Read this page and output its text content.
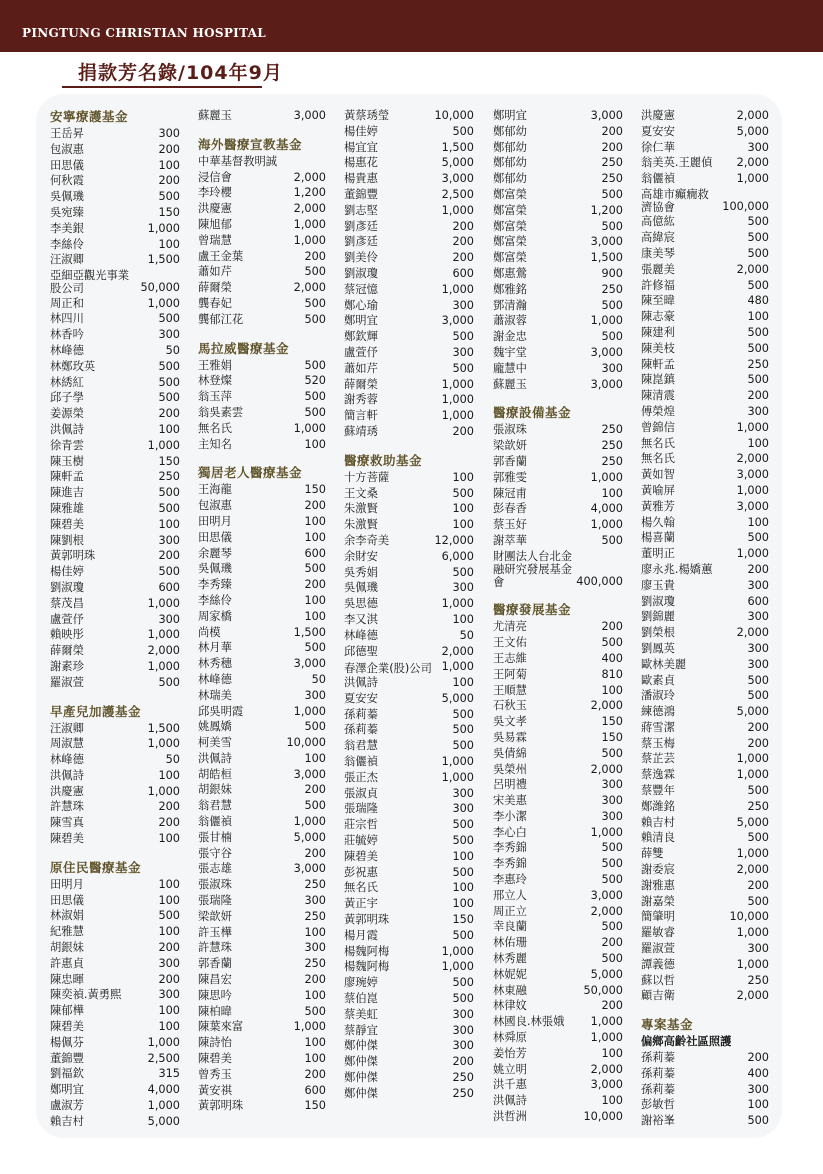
PINGTUNG CHRISTIAN HOSPITAL
捐款芳名錄/104年9月
安寧療護基金
王岳昇	300
包淑惠	200
田思儀	100
何秋霞	200
吳佩璣	500
吳宛臻	150
李美銀	1,000
李絲伶	100
汪淑卿	1,500
亞細亞觀光事業股公司	50,000
周正和	1,000
林四川	500
林香吟	300
林峰德	50
林鄭玫英	500
林綉紅	500
邱子學	500
姜源榮	200
洪佩詩	100
徐青雲	1,000
陳玉樹	150
陳軒孟	250
陳進吉	500
陳雅雄	500
陳碧美	100
陳劉根	300
黃郭明珠	200
楊佳婷	500
劉淑瓊	600
蔡茂昌	1,000
盧萱伃	300
賴映彤	1,000
薛爾榮	2,000
謝素珍	1,000
羅淑萱	500
早產兒加護基金
汪淑卿	1,500
周淑慧	1,000
林峰德	50
洪佩詩	100
洪慶憲	1,000
許慧珠	200
陳雪真	200
陳碧美	100
原住民醫療基金
田明月	100
田思儀	100
林淑娟	500
紀雅慧	100
胡銀妹	200
許惠貞	300
陳忠暉	200
陳奕禎.黃勇熙	300
陳郁樺	100
陳碧美	100
楊佩芬	1,000
董錦豐	2,500
劉福欽	315
鄭明宜	4,000
盧淑芳	1,000
賴吉村	5,000
蘇麗玉	3,000
海外醫療宣教基金
中華基督教明誠
浸信會	2,000
李玲櫻	1,200
洪慶憲	2,000
陳旭郁	1,000
曾瑞慧	1,000
盧王金葉	200
蕭如芹	500
薛爾榮	2,000
龔春妃	500
龔郁江花	500
馬拉威醫療基金
王雅娟	500
林登燦	520
翁玉萍	500
翁吳素雲	500
無名氏	1,000
主知名	100
獨居老人醫療基金
王海龍	150
包淑惠	200
田明月	100
田思儀	100
余麗琴	600
吳佩璣	500
李秀臻	200
李絲伶	100
周家橋	100
尚模	1,500
林月華	500
林秀穗	3,000
林峰德	50
林瑞美	300
邱吳明霞	1,000
姚鳳嬌	500
柯美雪	10,000
洪佩詩	100
胡皓桓	3,000
胡銀妹	200
翁君慧	500
翁儷禎	1,000
張甘楠	5,000
張守谷	200
張志雄	3,000
張淑珠	250
張瑞隆	300
梁歆妍	250
許玉樺	100
許慧珠	300
郭香蘭	250
陳昌宏	200
陳思吟	100
陳柏暐	500
陳葉來富	1,000
陳詩怡	100
陳碧美	100
曾秀玉	200
黃安祺	600
黃郭明珠	150
黃蔡琇瑩	10,000
楊佳婷	500
楊宜宜	1,500
楊惠花	5,000
楊貴惠	3,000
董錦豐	2,500
劉志堅	1,000
劉彥廷	200
劉彥廷	200
劉美伶	200
劉淑瓊	600
蔡冠憶	1,000
鄭心瑜	300
鄭明宜	3,000
鄭欽輝	500
盧萱伃	300
蕭如芹	500
薛爾榮	1,000
謝秀蓉	1,000
簡言軒	1,000
蘇靖琇	200
醫療救助基金
十方菩薩	100
王文桑	500
朱激賢	100
朱激賢	100
余李奇美	12,000
余財安	6,000
吳秀娟	500
吳佩璣	300
吳思德	1,000
李又淇	100
林峰德	50
邱德聖	2,000
春澤企業(股)公司 1,000
洪佩詩	100
夏安安	5,000
孫莉蓁	500
孫莉蓁	500
翁君慧	500
翁儷禎	1,000
張正杰	1,000
張淑貞	300
張瑞隆	300
莊宗哲	500
莊毓婷	500
陳碧美	100
彭祝惠	500
無名氏	100
黃正宇	100
黃郭明珠	150
楊月霞	500
楊魏阿梅	1,000
楊魏阿梅	1,000
廖琬婷	500
蔡伯崑	500
蔡美虹	300
蔡靜宜	300
鄭仲傑	300
鄭仲傑	200
鄭仲傑	250
鄭仲傑	250
鄭明宜	3,000
鄭郁幼	200
鄭郁幼	200
鄭郁幼	250
鄭郁幼	250
鄭富榮	500
鄭富榮	1,200
鄭富榮	500
鄭富榮	3,000
鄭富榮	1,500
鄭惠鶯	900
鄭雅銘	250
鄧清瀚	500
蕭淑蓉	1,000
謝金忠	500
魏宇堂	3,000
龐慧中	300
蘇麗玉	3,000
醫療設備基金
張淑珠	250
梁歆妍	250
郭香蘭	250
郭雅雯	1,000
陳冠甫	100
彭春香	4,000
蔡玉好	1,000
謝萃華	500
財團法人台北金融研究發展基金會	400,000
醫療發展基金
尤清亮	200
王文佑	500
王志維	400
王阿菊	810
王順慧	100
石秋玉	2,000
吳文孝	150
吳易霖	150
吳倩綿	500
吳榮州	2,000
呂明禮	300
宋美惠	300
李小潔	300
李心白	1,000
李秀錦	500
李秀錦	500
李惠玲	500
邢立人	3,000
周正立	2,000
幸良蘭	500
林佑珊	200
林秀麗	500
林妮妮	5,000
林東融	50,000
林律妏	200
林國良.林張娥	1,000
林舜原	1,000
姜怡芳	100
姚立明	2,000
洪千惠	3,000
洪佩詩	100
洪哲洲	10,000
洪慶憲	2,000
夏安安	5,000
徐仁華	300
翁美英.王麗偵	2,000
翁儷禎	1,000
高雄市癲癇救濟協會	100,000
高億紘	500
高緯宸	500
康美琴	500
張麗美	2,000
許修福	500
陳至暐	480
陳志豪	100
陳建利	500
陳美枝	500
陳軒孟	250
陳崑鎮	500
陳清震	200
傅榮煌	300
曾錦信	1,000
無名氏	100
無名氏	2,000
黃如智	3,000
黃喻屏	1,000
黃雅芳	3,000
楊久翰	100
楊喜蘭	500
董明正	1,000
廖永兆.楊嬌蕙	200
廖玉貴	300
劉淑瓊	600
劉錦麗	300
劉榮根	2,000
劉鳳英	300
歐林美麗	300
歐素貞	500
潘淑玲	500
練德鴻	5,000
蔣雪潔	200
蔡玉梅	200
蔡芷芸	1,000
蔡逸霖	1,000
蔡豐年	500
鄭潍銘	250
賴吉村	5,000
賴清良	500
薛雙	1,000
謝委宸	2,000
謝雅惠	200
謝嘉榮	500
簡肇明	10,000
羅敏睿	1,000
羅淑萱	300
譚義德	1,000
蘇以哲	250
顧吉衛	2,000
專案基金
偏鄉高齡社區照護
孫莉蓁	200
孫莉蓁	400
孫莉蓁	300
彭敏哲	100
謝裕峯	500
